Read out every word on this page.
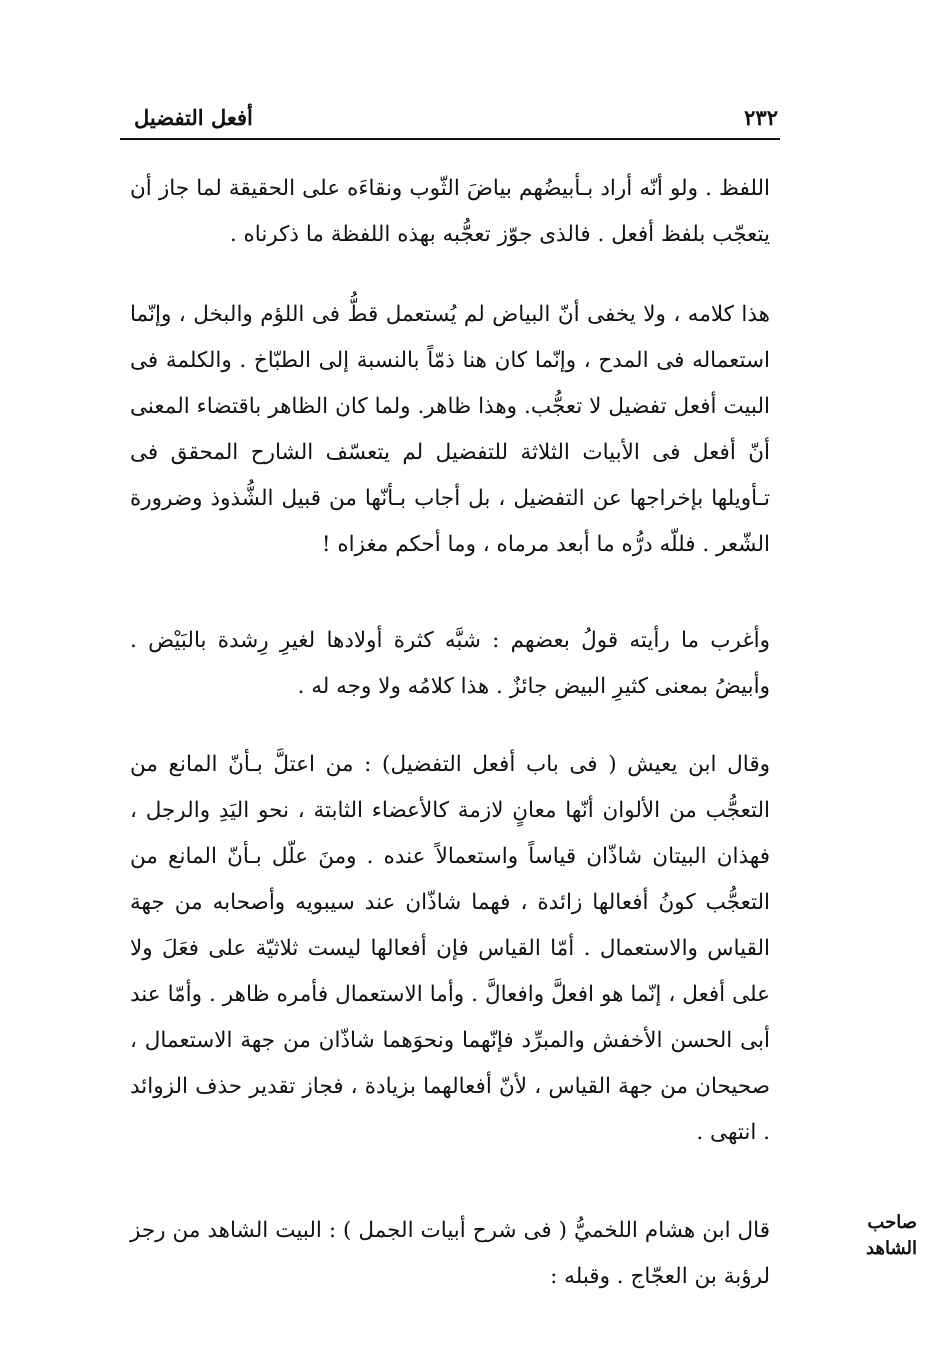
٢٣٢
أفعل التفضيل

اللفظ . ولو أنّه أراد بـأبيضُهم بياضَ الثّوب ونقاءَه على الحقيقة لما جاز أن يتعجّب بلفظ أفعل . فالذى جوّز تعجُّبه بهذه اللفظة ما ذكرناه .

هذا كلامه ، ولا يخفى أنّ البياض لم يُستعمل قطُّ فى اللؤم والبخل ، وإنّما استعماله فى المدح ، وإنّما كان هنا ذمّاً بالنسبة إلى الطبّاخ . والكلمة فى البيت أفعل تفضيل لا تعجُّب. وهذا ظاهر. ولما كان الظاهر باقتضاء المعنى أنّ أفعل فى الأبيات الثلاثة للتفضيل لم يتعسّف الشارح المحقق فى تـأويلها بإخراجها عن التفضيل ، بل أجاب بـأنّها من قبيل الشُّذوذ وضرورة الشّعر . فللّه درُّه ما أبعد مرماه ، وما أحكم مغزاه !

وأغرب ما رأيته قولُ بعضهم : شبَّه كثرة أولادها لغيرِ رِشدة بالبَيْض . وأبيضُ بمعنى كثيرِ البيض جائزٌ . هذا كلامُه ولا وجه له .

وقال ابن يعيش ( فى باب أفعل التفضيل) : من اعتلَّ بـأنّ المانع من التعجُّب من الألوان أنّها معانٍ لازمة كالأعضاء الثابتة ، نحو اليَدِ والرجل ، فهذان البيتان شاذّان قياساً واستعمالاً عنده . ومنَ علّل بـأنّ المانع من التعجُّب كونُ أفعالها زائدة ، فهما شاذّان عند سيبويه وأصحابه من جهة القياس والاستعمال . أمّا القياس فإن أفعالها ليست ثلاثيّة على فعَلَ ولا على أفعل ، إنّما هو افعلَّ وافعالَّ . وأما الاستعمال فأمره ظاهر . وأمّا عند أبى الحسن الأخفش والمبرِّد فإنّهما ونحوَهما شاذّان من جهة الاستعمال ، صحيحان من جهة القياس ، لأنّ أفعالهما بزيادة ، فجاز تقدير حذف الزوائد . انتهى .

صاحب الشاهد

قال ابن هشام اللخميُّ ( فى شرح أبيات الجمل ) : البيت الشاهد من رجز لرؤبة بن العجّاج . وقبله :
